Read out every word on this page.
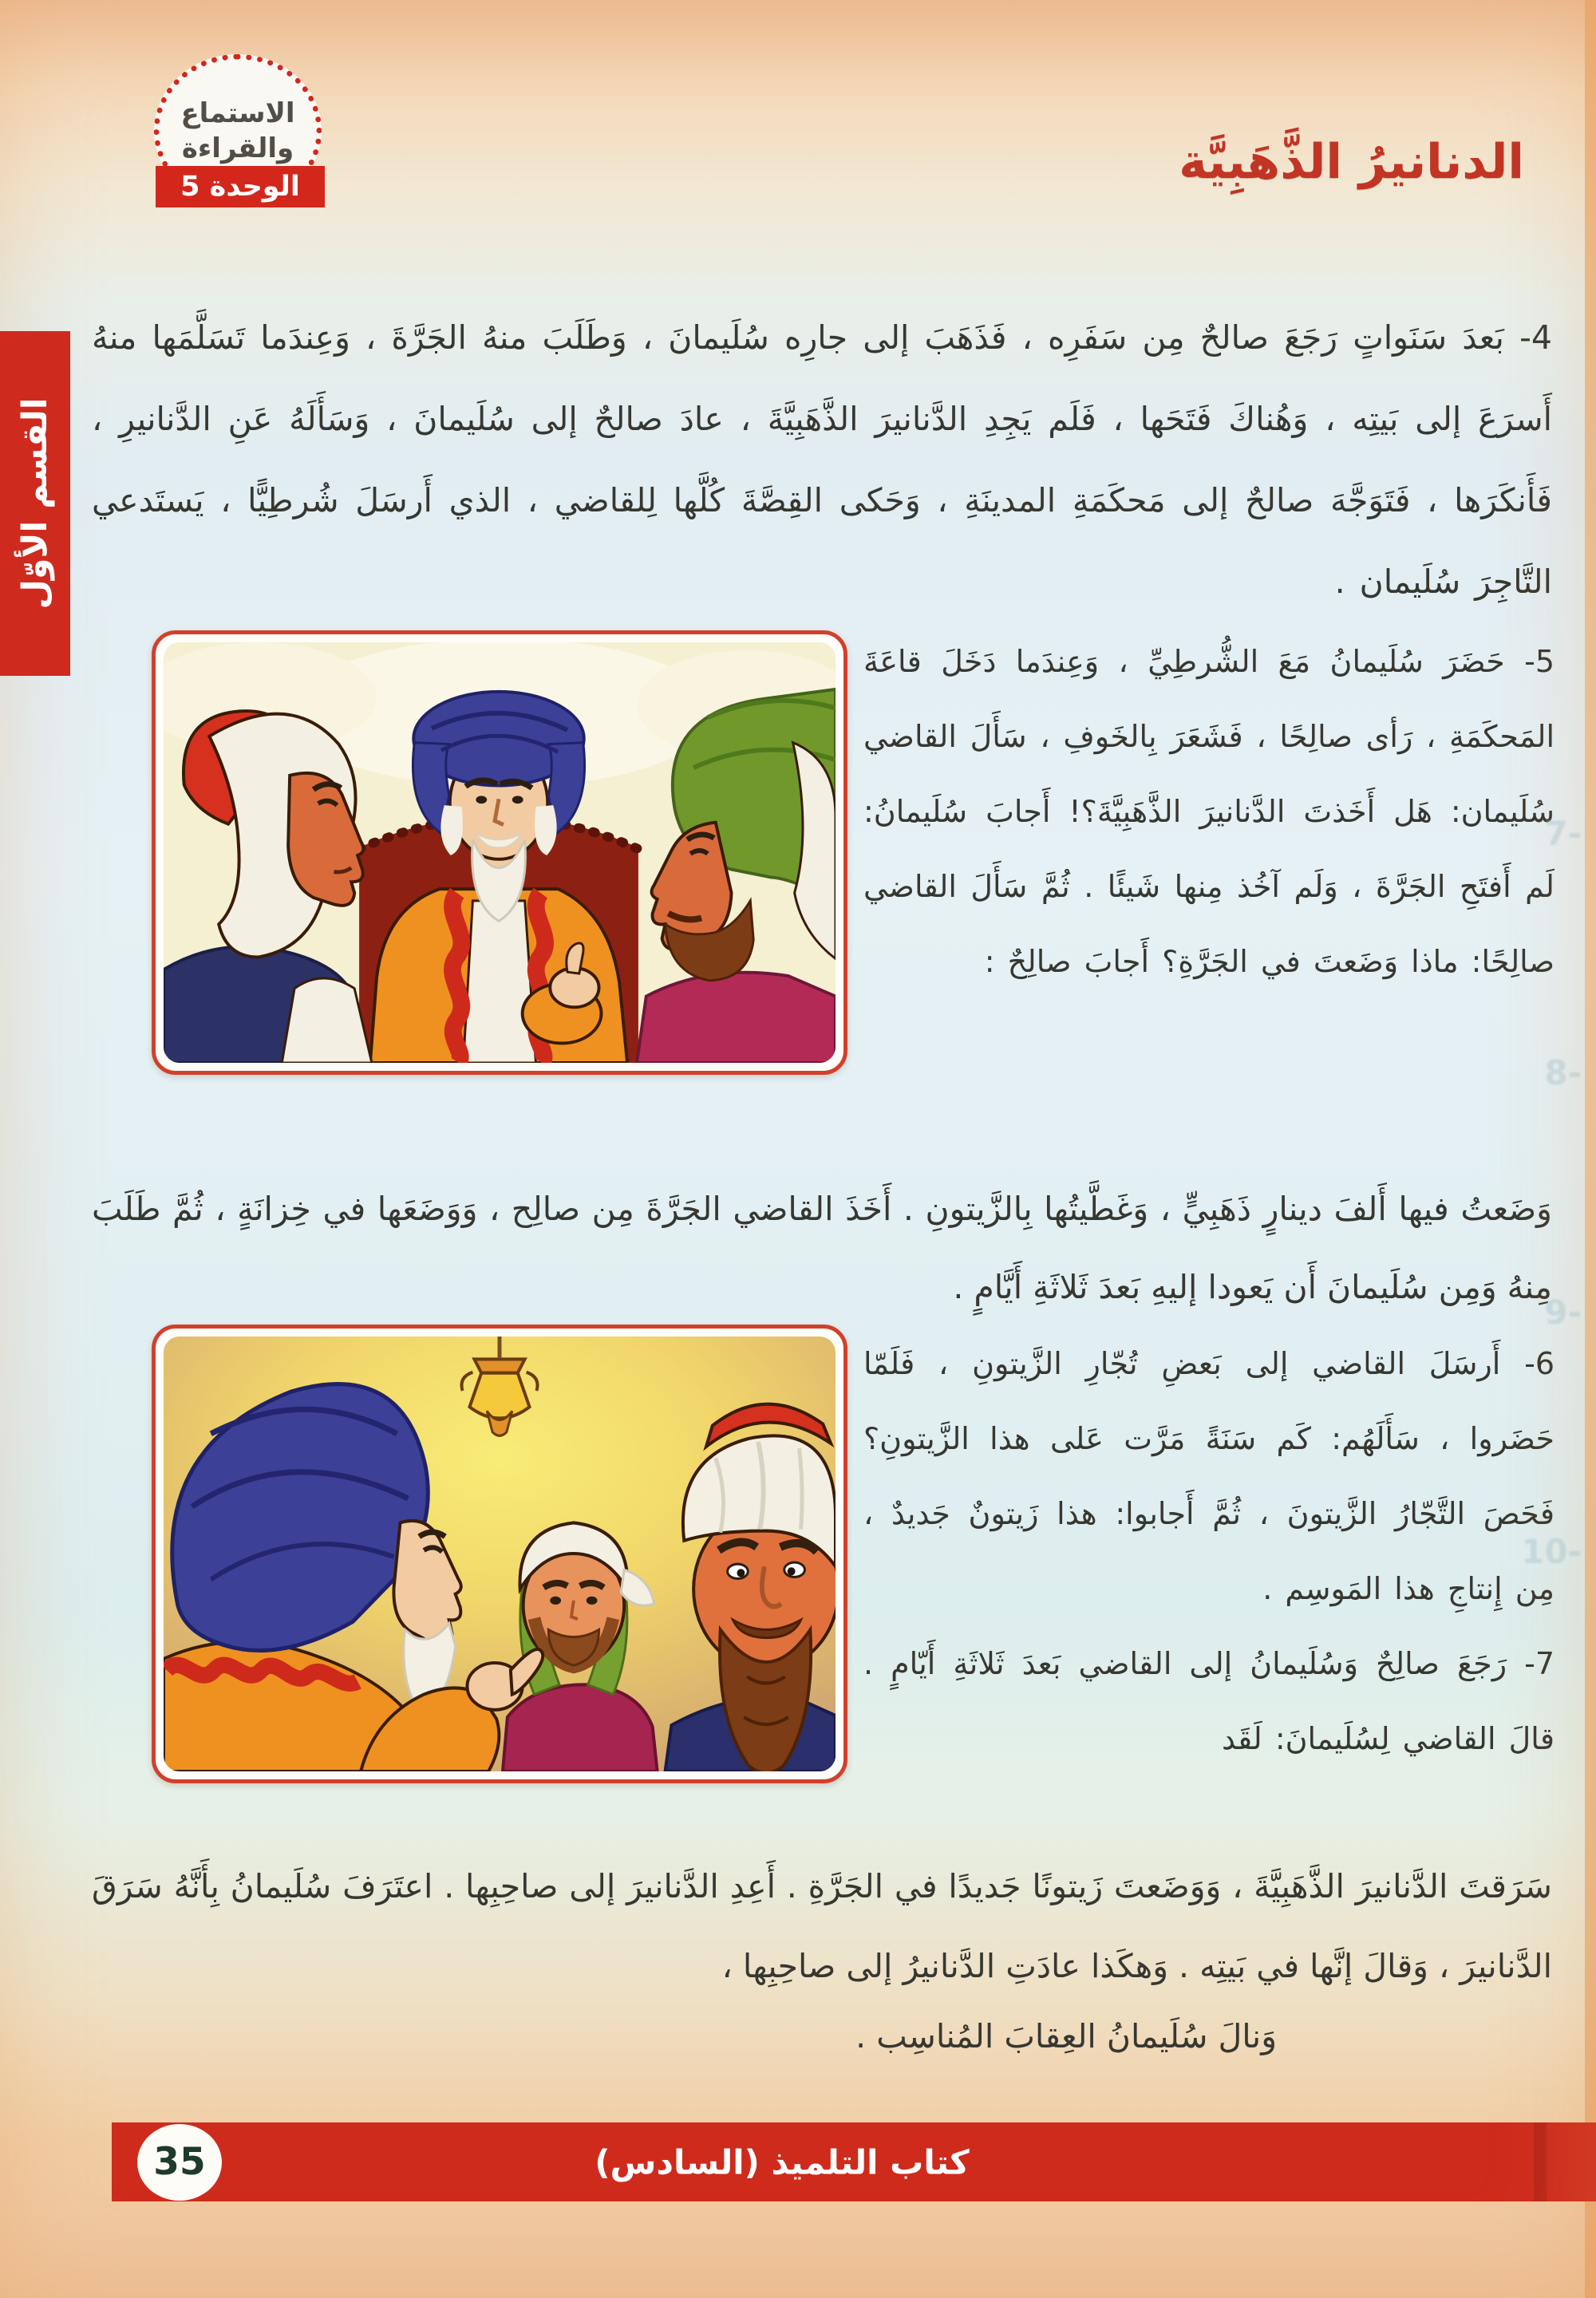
الاستماع
والقراءة
الوحدة 5	الدنانيرُ الذَّهَبِيَّة
القسم الأوّل
4- بَعدَ سَنَواتٍ رَجَعَ صالحٌ مِن سَفَرِه ، فَذَهَبَ إلى جارِه سُلَيمانَ ، وَطَلَبَ منهُ الجَرَّةَ ، وَعِندَما تَسَلَّمَها منهُ أَسرَعَ إلى بَيتِه ، وَهُناكَ فَتَحَها ، فَلَم يَجِدِ الدَّنانيرَ الذَّهَبِيَّةَ ، عادَ صالحٌ إلى سُلَيمانَ ، وَسَأَلَهُ عَنِ الدَّنانيرِ ، فَأَنكَرَها ، فَتَوَجَّهَ صالحٌ إلى مَحكَمَةِ المدينَةِ ، وَحَكى القِصَّةَ كُلَّها لِلقاضي ، الذي أَرسَلَ شُرطِيًّا ، يَستَدعي التَّاجِرَ سُلَيمان .
5- حَضَرَ سُلَيمانُ مَعَ الشُّرطِيِّ ، وَعِندَما دَخَلَ قاعَةَ المَحكَمَةِ ، رَأى صالِحًا ، فَشَعَرَ بِالخَوفِ ، سَأَلَ القاضي سُلَيمان: هَل أَخَذتَ الدَّنانيرَ الذَّهَبِيَّةَ؟! أَجابَ سُلَيمانُ: لَم أَفتَحِ الجَرَّةَ ، وَلَم آخُذ مِنها شَيئًا . ثُمَّ سَأَلَ القاضي صالِحًا: ماذا وَضَعتَ في الجَرَّةِ؟ أَجابَ صالِحٌ :
وَضَعتُ فيها أَلفَ دينارٍ ذَهَبِيٍّ ، وَغَطَّيتُها بِالزَّيتونِ . أَخَذَ القاضي الجَرَّةَ مِن صالِح ، وَوَضَعَها في خِزانَةٍ ، ثُمَّ طَلَبَ مِنهُ وَمِن سُلَيمانَ أَن يَعودا إليهِ بَعدَ ثَلاثَةِ أَيَّامٍ .

6- أَرسَلَ القاضي إلى بَعضِ تُجّارِ الزَّيتونِ ، فَلَمّا حَضَروا ، سَأَلَهُم: كَم سَنَةً مَرَّت عَلى هذا الزَّيتونِ؟ فَحَصَ التَّجّارُ الزَّيتونَ ، ثُمَّ أَجابوا: هذا زَيتونٌ جَديدٌ ، مِن إِنتاجِ هذا المَوسِم .

7- رَجَعَ صالِحٌ وَسُلَيمانُ إلى القاضي بَعدَ ثَلاثَةِ أَيّامٍ . قالَ القاضي لِسُلَيمانَ: لَقَد

سَرَقتَ الدَّنانيرَ الذَّهَبِيَّةَ ، وَوَضَعتَ زَيتونًا جَديدًا في الجَرَّةِ . أَعِدِ الدَّنانيرَ إلى صاحِبِها . اعتَرَفَ سُلَيمانُ بِأَنَّهُ سَرَقَ الدَّنانيرَ ، وَقالَ إنَّها في بَيتِه . وَهكَذا عادَتِ الدَّنانيرُ إلى صاحِبِها ،
وَنالَ سُلَيمانُ العِقابَ المُناسِب .
-7
-8
-9
-10
35	كتاب التلميذ (السادس)
